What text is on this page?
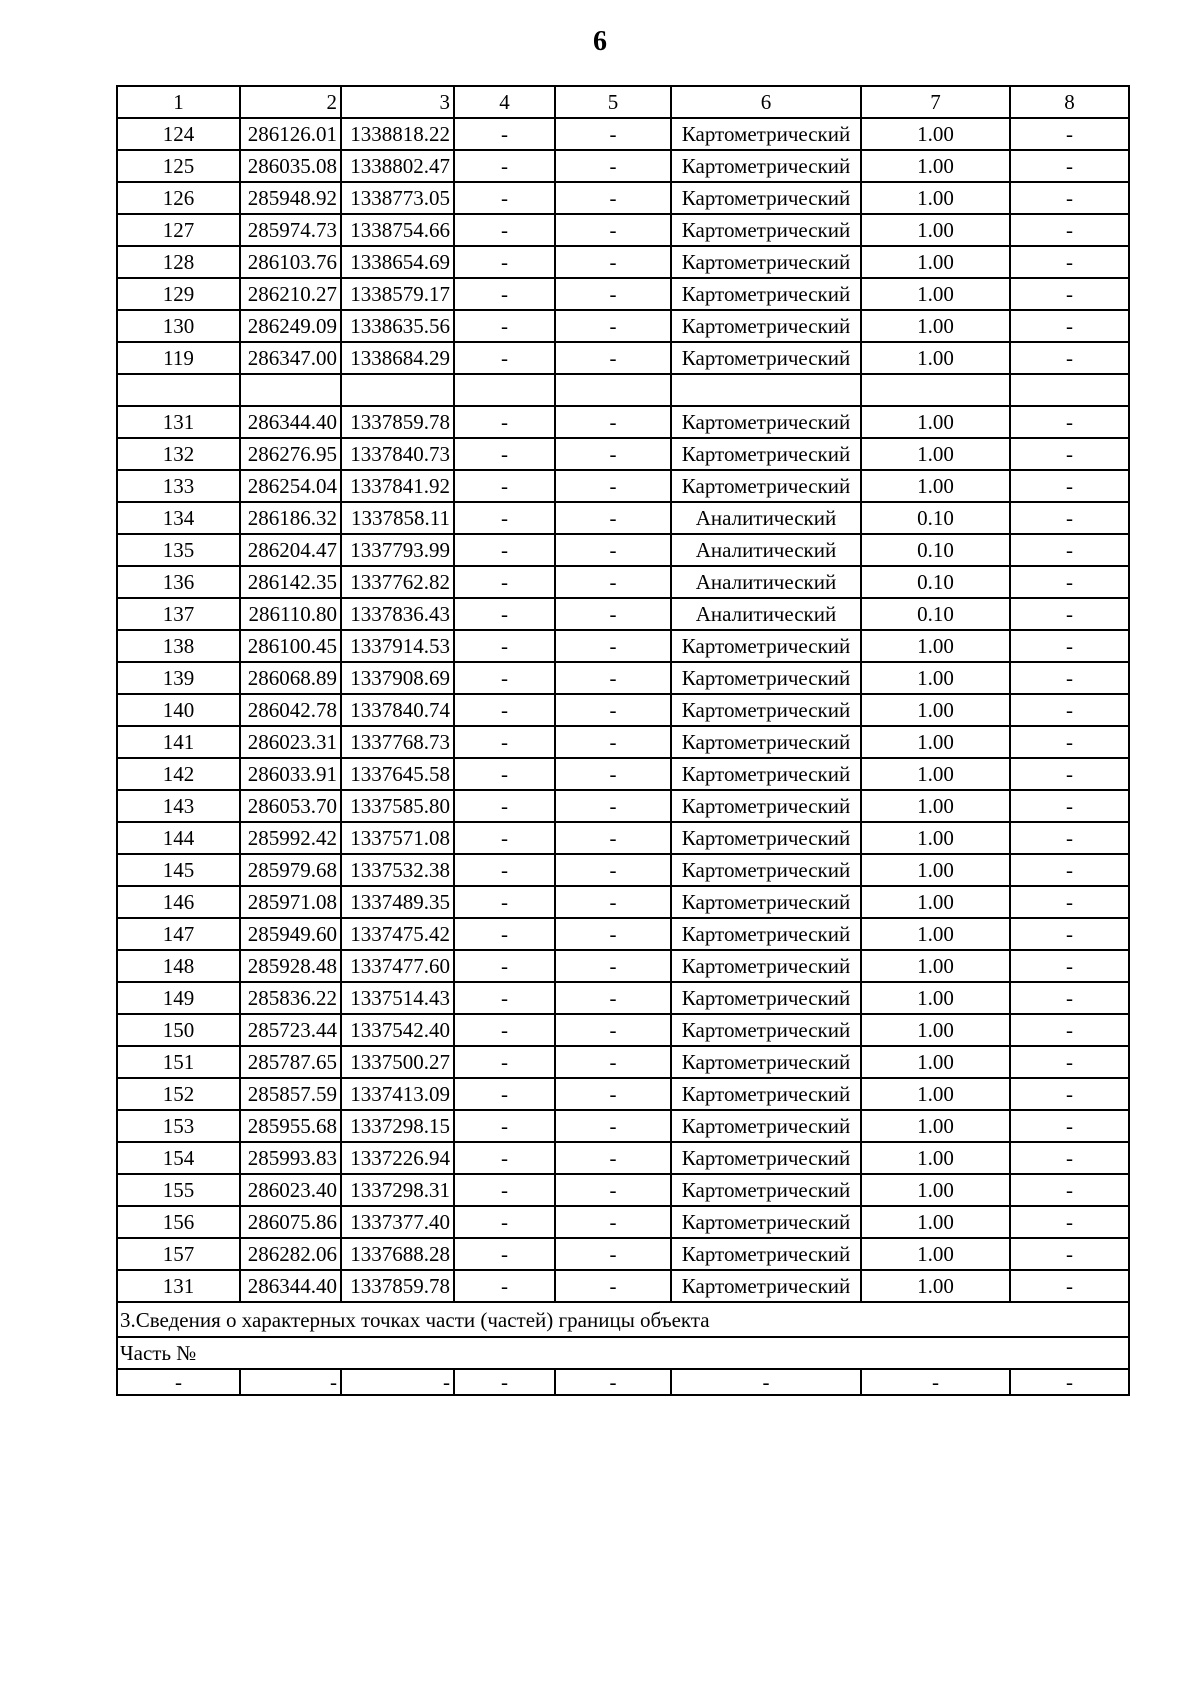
6
1	2	3	4	5	6	7	8
124	286126.01	1338818.22	-	-	Картометрический	1.00	-
125	286035.08	1338802.47	-	-	Картометрический	1.00	-
126	285948.92	1338773.05	-	-	Картометрический	1.00	-
127	285974.73	1338754.66	-	-	Картометрический	1.00	-
128	286103.76	1338654.69	-	-	Картометрический	1.00	-
129	286210.27	1338579.17	-	-	Картометрический	1.00	-
130	286249.09	1338635.56	-	-	Картометрический	1.00	-
119	286347.00	1338684.29	-	-	Картометрический	1.00	-

131	286344.40	1337859.78	-	-	Картометрический	1.00	-
132	286276.95	1337840.73	-	-	Картометрический	1.00	-
133	286254.04	1337841.92	-	-	Картометрический	1.00	-
134	286186.32	1337858.11	-	-	Аналитический	0.10	-
135	286204.47	1337793.99	-	-	Аналитический	0.10	-
136	286142.35	1337762.82	-	-	Аналитический	0.10	-
137	286110.80	1337836.43	-	-	Аналитический	0.10	-
138	286100.45	1337914.53	-	-	Картометрический	1.00	-
139	286068.89	1337908.69	-	-	Картометрический	1.00	-
140	286042.78	1337840.74	-	-	Картометрический	1.00	-
141	286023.31	1337768.73	-	-	Картометрический	1.00	-
142	286033.91	1337645.58	-	-	Картометрический	1.00	-
143	286053.70	1337585.80	-	-	Картометрический	1.00	-
144	285992.42	1337571.08	-	-	Картометрический	1.00	-
145	285979.68	1337532.38	-	-	Картометрический	1.00	-
146	285971.08	1337489.35	-	-	Картометрический	1.00	-
147	285949.60	1337475.42	-	-	Картометрический	1.00	-
148	285928.48	1337477.60	-	-	Картометрический	1.00	-
149	285836.22	1337514.43	-	-	Картометрический	1.00	-
150	285723.44	1337542.40	-	-	Картометрический	1.00	-
151	285787.65	1337500.27	-	-	Картометрический	1.00	-
152	285857.59	1337413.09	-	-	Картометрический	1.00	-
153	285955.68	1337298.15	-	-	Картометрический	1.00	-
154	285993.83	1337226.94	-	-	Картометрический	1.00	-
155	286023.40	1337298.31	-	-	Картометрический	1.00	-
156	286075.86	1337377.40	-	-	Картометрический	1.00	-
157	286282.06	1337688.28	-	-	Картометрический	1.00	-
131	286344.40	1337859.78	-	-	Картометрический	1.00	-
3.Сведения о характерных точках части (частей) границы объекта							
Часть №							
-	-	-	-	-	-	-	-
